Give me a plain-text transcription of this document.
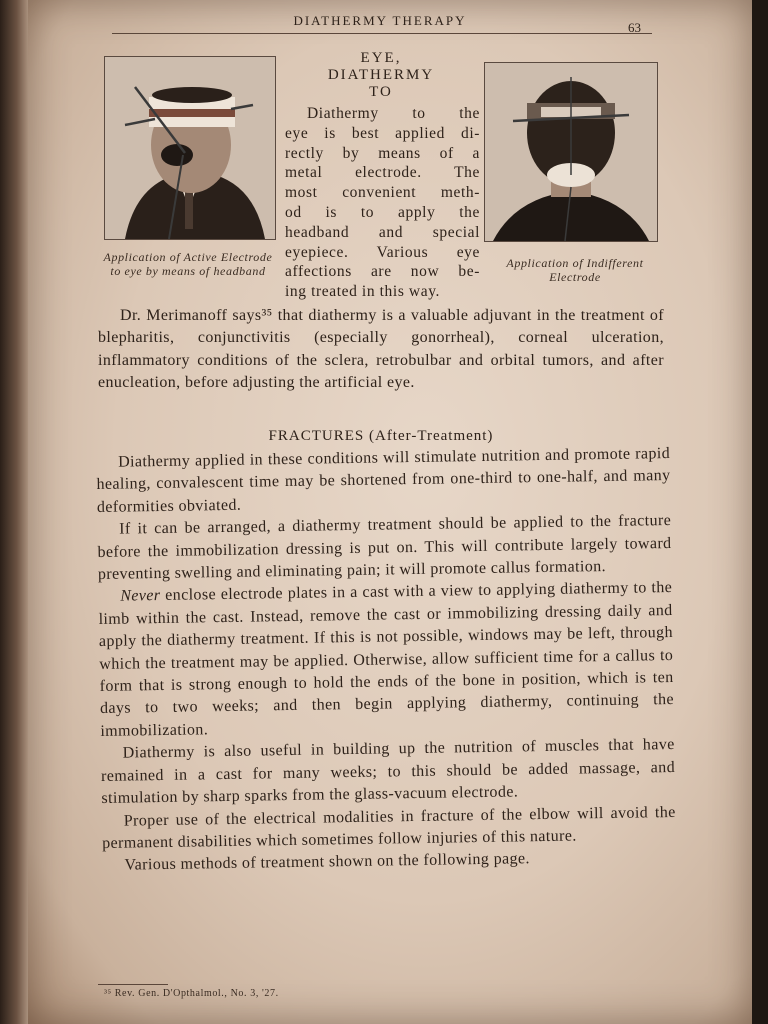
DIATHERMY THERAPY	63
Application of Active Electrode to eye by means of headband
EYE,
DIATHERMY
TO
Diathermy to the
eye is best applied di-
rectly by means of a
metal electrode. The
most convenient meth-
od is to apply the
headband and special
eyepiece. Various eye
affections are now be-
ing treated in this way.
Application of Indifferent Electrode

Dr. Merimanoff says³⁵ that diathermy is a valuable adjuvant in the treatment of blepharitis, conjunctivitis (especially gonorrheal), corneal ulceration, inflammatory conditions of the sclera, retrobulbar and orbital tumors, and after enucleation, before adjusting the artificial eye.

FRACTURES (After-Treatment)

Diathermy applied in these conditions will stimulate nutrition and promote rapid healing, convalescent time may be shortened from one-third to one-half, and many deformities obviated.

If it can be arranged, a diathermy treatment should be applied to the fracture before the immobilization dressing is put on. This will contribute largely toward preventing swelling and eliminating pain; it will promote callus formation.

Never enclose electrode plates in a cast with a view to applying diathermy to the limb within the cast. Instead, remove the cast or immobilizing dressing daily and apply the diathermy treatment. If this is not possible, windows may be left, through which the treatment may be applied. Otherwise, allow sufficient time for a callus to form that is strong enough to hold the ends of the bone in position, which is ten days to two weeks; and then begin applying diathermy, continuing the immobilization.

Diathermy is also useful in building up the nutrition of muscles that have remained in a cast for many weeks; to this should be added massage, and stimulation by sharp sparks from the glass-vacuum electrode.

Proper use of the electrical modalities in fracture of the elbow will avoid the permanent disabilities which sometimes follow injuries of this nature.

Various methods of treatment shown on the following page.

³⁵ Rev. Gen. D'Opthalmol., No. 3, '27.
